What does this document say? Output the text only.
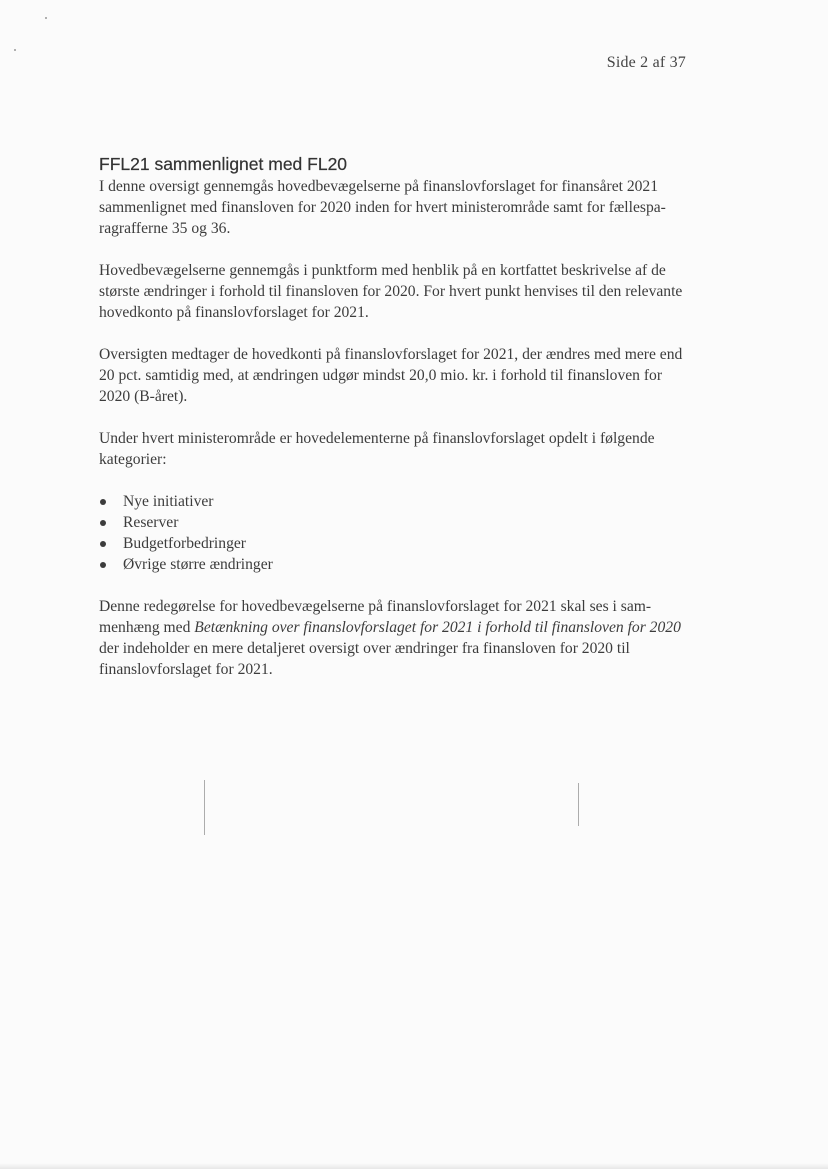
Side 2 af 37
FFL21 sammenlignet med FL20

I denne oversigt gennemgås hovedbevægelserne på finanslovforslaget for finansåret 2021 sammenlignet med finansloven for 2020 inden for hvert ministerområde samt for fællesparagrafferne 35 og 36.

Hovedbevægelserne gennemgås i punktform med henblik på en kortfattet beskrivelse af de største ændringer i forhold til finansloven for 2020. For hvert punkt henvises til den relevante hovedkonto på finanslovforslaget for 2021.

Oversigten medtager de hovedkonti på finanslovforslaget for 2021, der ændres med mere end 20 pct. samtidig med, at ændringen udgør mindst 20,0 mio. kr. i forhold til finansloven for 2020 (B-året).

Under hvert ministerområde er hovedelementerne på finanslovforslaget opdelt i følgende kategorier:

Nye initiativer
Reserver
Budgetforbedringer
Øvrige større ændringer

Denne redegørelse for hovedbevægelserne på finanslovforslaget for 2021 skal ses i sammenhæng med Betænkning over finanslovforslaget for 2021 i forhold til finansloven for 2020 der indeholder en mere detaljeret oversigt over ændringer fra finansloven for 2020 til finanslovforslaget for 2021.
